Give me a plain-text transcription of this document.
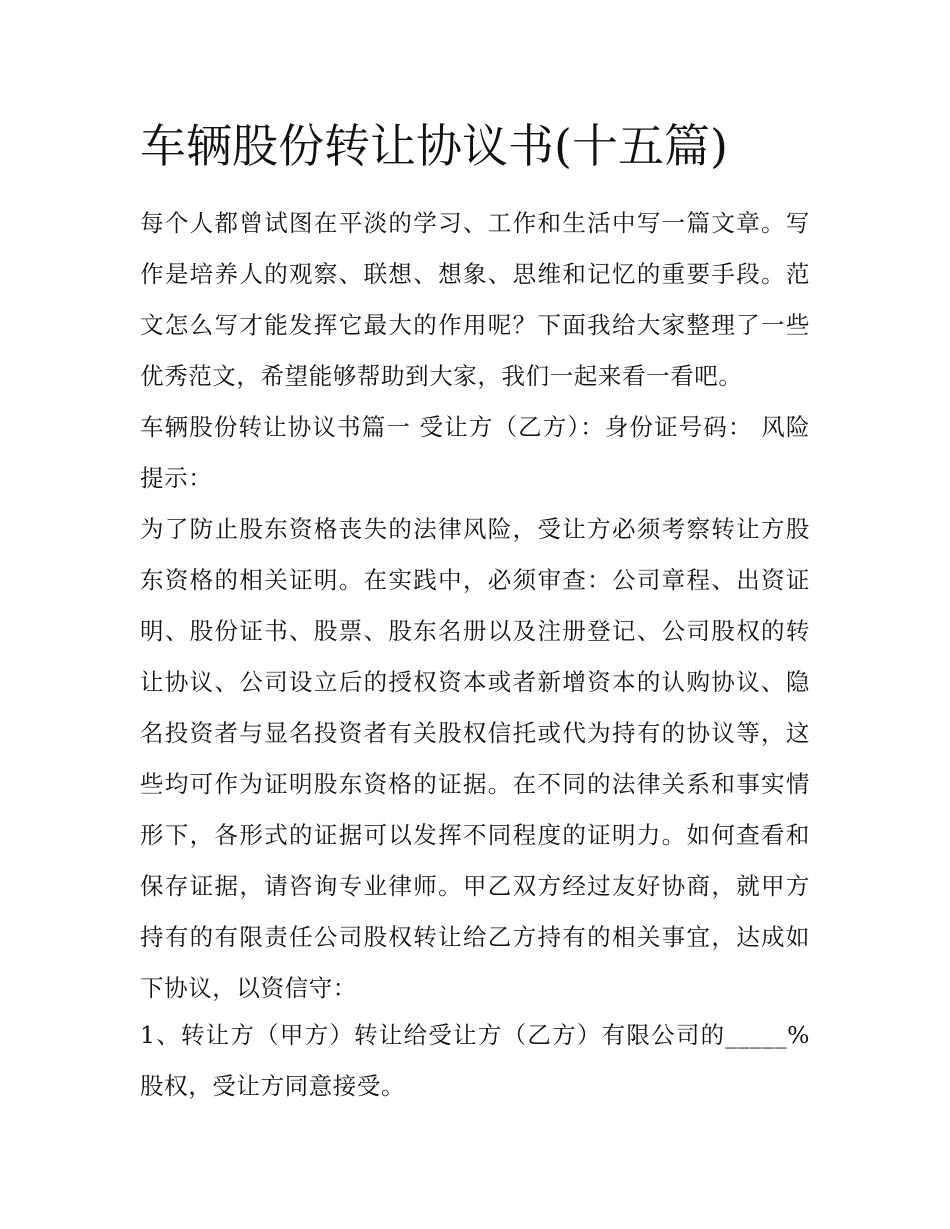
车辆股份转让协议书(十五篇)

每个人都曾试图在平淡的学习、工作和生活中写一篇文章。写作是培养人的观察、联想、想象、思维和记忆的重要手段。范文怎么写才能发挥它最大的作用呢？下面我给大家整理了一些优秀范文，希望能够帮助到大家，我们一起来看一看吧。

车辆股份转让协议书篇一 受让方（乙方）：身份证号码： 风险提示：

为了防止股东资格丧失的法律风险，受让方必须考察转让方股东资格的相关证明。在实践中，必须审查：公司章程、出资证明、股份证书、股票、股东名册以及注册登记、公司股权的转让协议、公司设立后的授权资本或者新增资本的认购协议、隐名投资者与显名投资者有关股权信托或代为持有的协议等，这些均可作为证明股东资格的证据。在不同的法律关系和事实情形下，各形式的证据可以发挥不同程度的证明力。如何查看和保存证据，请咨询专业律师。甲乙双方经过友好协商，就甲方持有的有限责任公司股权转让给乙方持有的相关事宜，达成如下协议，以资信守：

1、转让方（甲方）转让给受让方（乙方）有限公司的_____%股权，受让方同意接受。
